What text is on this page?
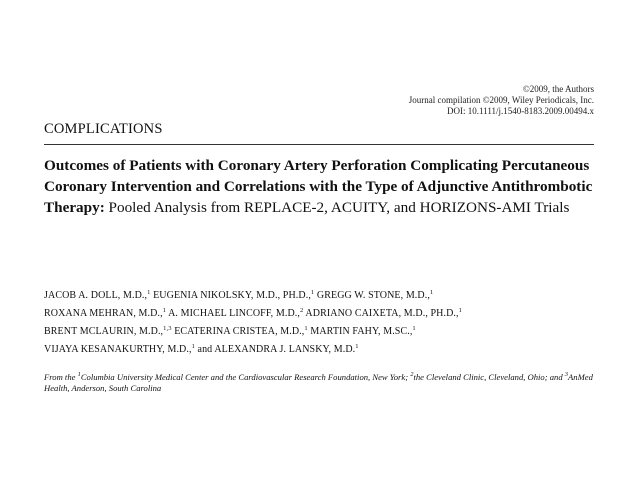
©2009, the Authors
Journal compilation ©2009, Wiley Periodicals, Inc.
DOI: 10.1111/j.1540-8183.2009.00494.x
COMPLICATIONS
Outcomes of Patients with Coronary Artery Perforation Complicating Percutaneous Coronary Intervention and Correlations with the Type of Adjunctive Antithrombotic Therapy: Pooled Analysis from REPLACE-2, ACUITY, and HORIZONS-AMI Trials
JACOB A. DOLL, M.D.,$^1$ EUGENIA NIKOLSKY, M.D., PH.D.,$^1$ GREGG W. STONE, M.D.,$^1$
ROXANA MEHRAN, M.D.,$^1$ A. MICHAEL LINCOFF, M.D.,$^2$ ADRIANO CAIXETA, M.D., PH.D.,$^1$
BRENT MCLAURIN, M.D.,$^{1,3}$ ECATERINA CRISTEA, M.D.,$^1$ MARTIN FAHY, M.SC.,$^1$
VIJAYA KESANAKURTHY, M.D.,$^1$ and ALEXANDRA J. LANSKY, M.D.$^1$
From the $^1$Columbia University Medical Center and the Cardiovascular Research Foundation, New York; $^2$the Cleveland Clinic, Cleveland, Ohio; and $^3$AnMed Health, Anderson, South Carolina
